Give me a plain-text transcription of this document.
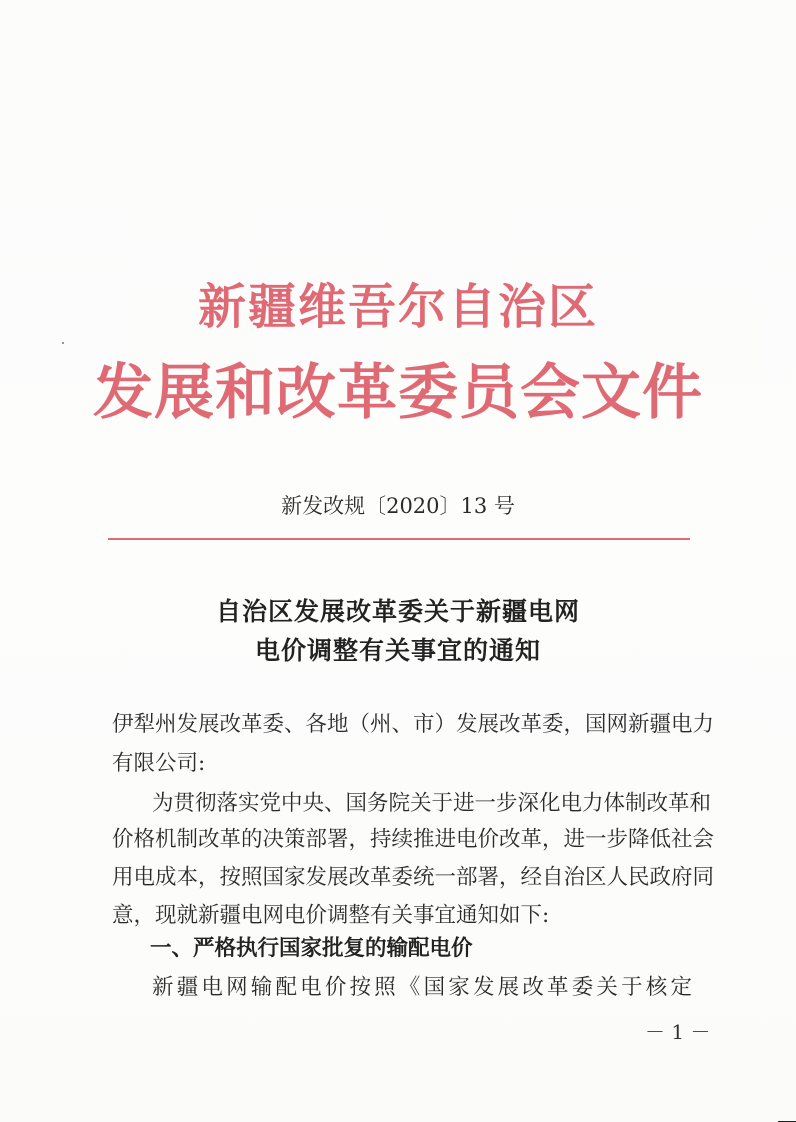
新疆维吾尔自治区
发展和改革委员会文件
新发改规〔2020〕13 号
自治区发展改革委关于新疆电网
电价调整有关事宜的通知
伊犁州发展改革委、各地（州、市）发展改革委，国网新疆电力
有限公司:
为贯彻落实党中央、国务院关于进一步深化电力体制改革和
价格机制改革的决策部署，持续推进电价改革，进一步降低社会
用电成本，按照国家发展改革委统一部署，经自治区人民政府同
意，现就新疆电网电价调整有关事宜通知如下:
一、严格执行国家批复的输配电价
新疆电网输配电价按照《国家发展改革委关于核定
－ 1 －
